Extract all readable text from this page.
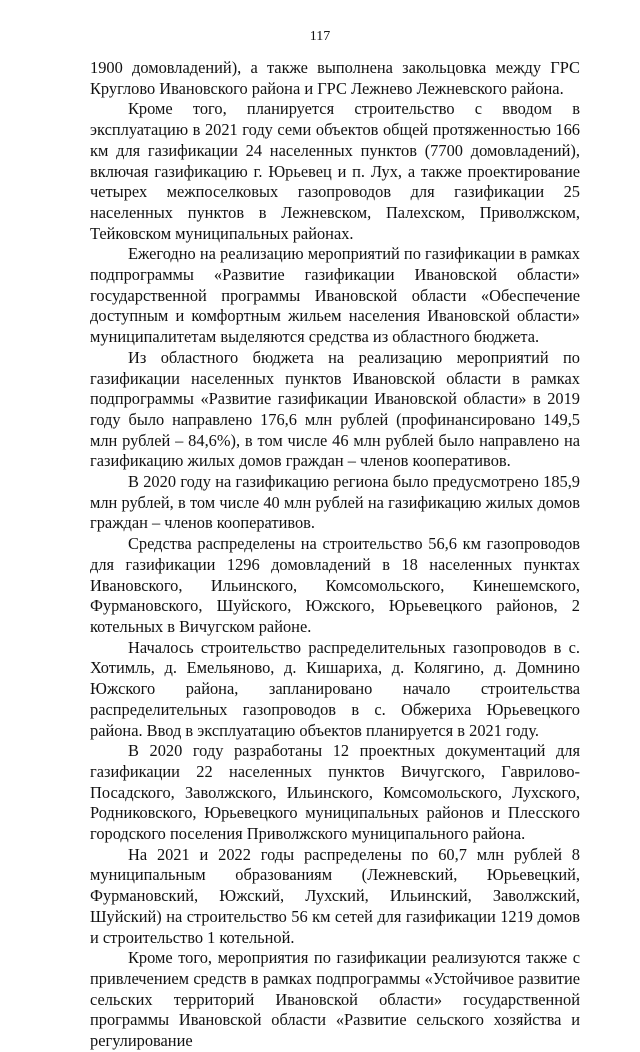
117

1900 домовладений), а также выполнена закольцовка между ГРС Круглово Ивановского района и ГРС Лежнево Лежневского района.

Кроме того, планируется строительство с вводом в эксплуатацию в 2021 году семи объектов общей протяженностью 166 км для газификации 24 населенных пунктов (7700 домовладений), включая газификацию г. Юрьевец и п. Лух, а также проектирование четырех межпоселковых газопроводов для газификации 25 населенных пунктов в Лежневском, Палехском, Приволжском, Тейковском муниципальных районах.

Ежегодно на реализацию мероприятий по газификации в рамках подпрограммы «Развитие газификации Ивановской области» государственной программы Ивановской области «Обеспечение доступным и комфортным жильем населения Ивановской области» муниципалитетам выделяются средства из областного бюджета.

Из областного бюджета на реализацию мероприятий по газификации населенных пунктов Ивановской области в рамках подпрограммы «Развитие газификации Ивановской области» в 2019 году было направлено 176,6 млн рублей (профинансировано 149,5 млн рублей – 84,6%), в том числе 46 млн рублей было направлено на газификацию жилых домов граждан – членов кооперативов.

В 2020 году на газификацию региона было предусмотрено 185,9 млн рублей, в том числе 40 млн рублей на газификацию жилых домов граждан – членов кооперативов.

Средства распределены на строительство 56,6 км газопроводов для газификации 1296 домовладений в 18 населенных пунктах Ивановского, Ильинского, Комсомольского, Кинешемского, Фурмановского, Шуйского, Южского, Юрьевецкого районов, 2 котельных в Вичугском районе.

Началось строительство распределительных газопроводов в с. Хотимль, д. Емельяново, д. Кишариха, д. Колягино, д. Домнино Южского района, запланировано начало строительства распределительных газопроводов в с. Обжериха Юрьевецкого района. Ввод в эксплуатацию объектов планируется в 2021 году.

В 2020 году разработаны 12 проектных документаций для газификации 22 населенных пунктов Вичугского, Гаврилово-Посадского, Заволжского, Ильинского, Комсомольского, Лухского, Родниковского, Юрьевецкого муниципальных районов и Плесского городского поселения Приволжского муниципального района.

На 2021 и 2022 годы распределены по 60,7 млн рублей 8 муниципальным образованиям (Лежневский, Юрьевецкий, Фурмановский, Южский, Лухский, Ильинский, Заволжский, Шуйский) на строительство 56 км сетей для газификации 1219 домов и строительство 1 котельной.

Кроме того, мероприятия по газификации реализуются также с привлечением средств в рамках подпрограммы «Устойчивое развитие сельских территорий Ивановской области» государственной программы Ивановской области «Развитие сельского хозяйства и регулирование
